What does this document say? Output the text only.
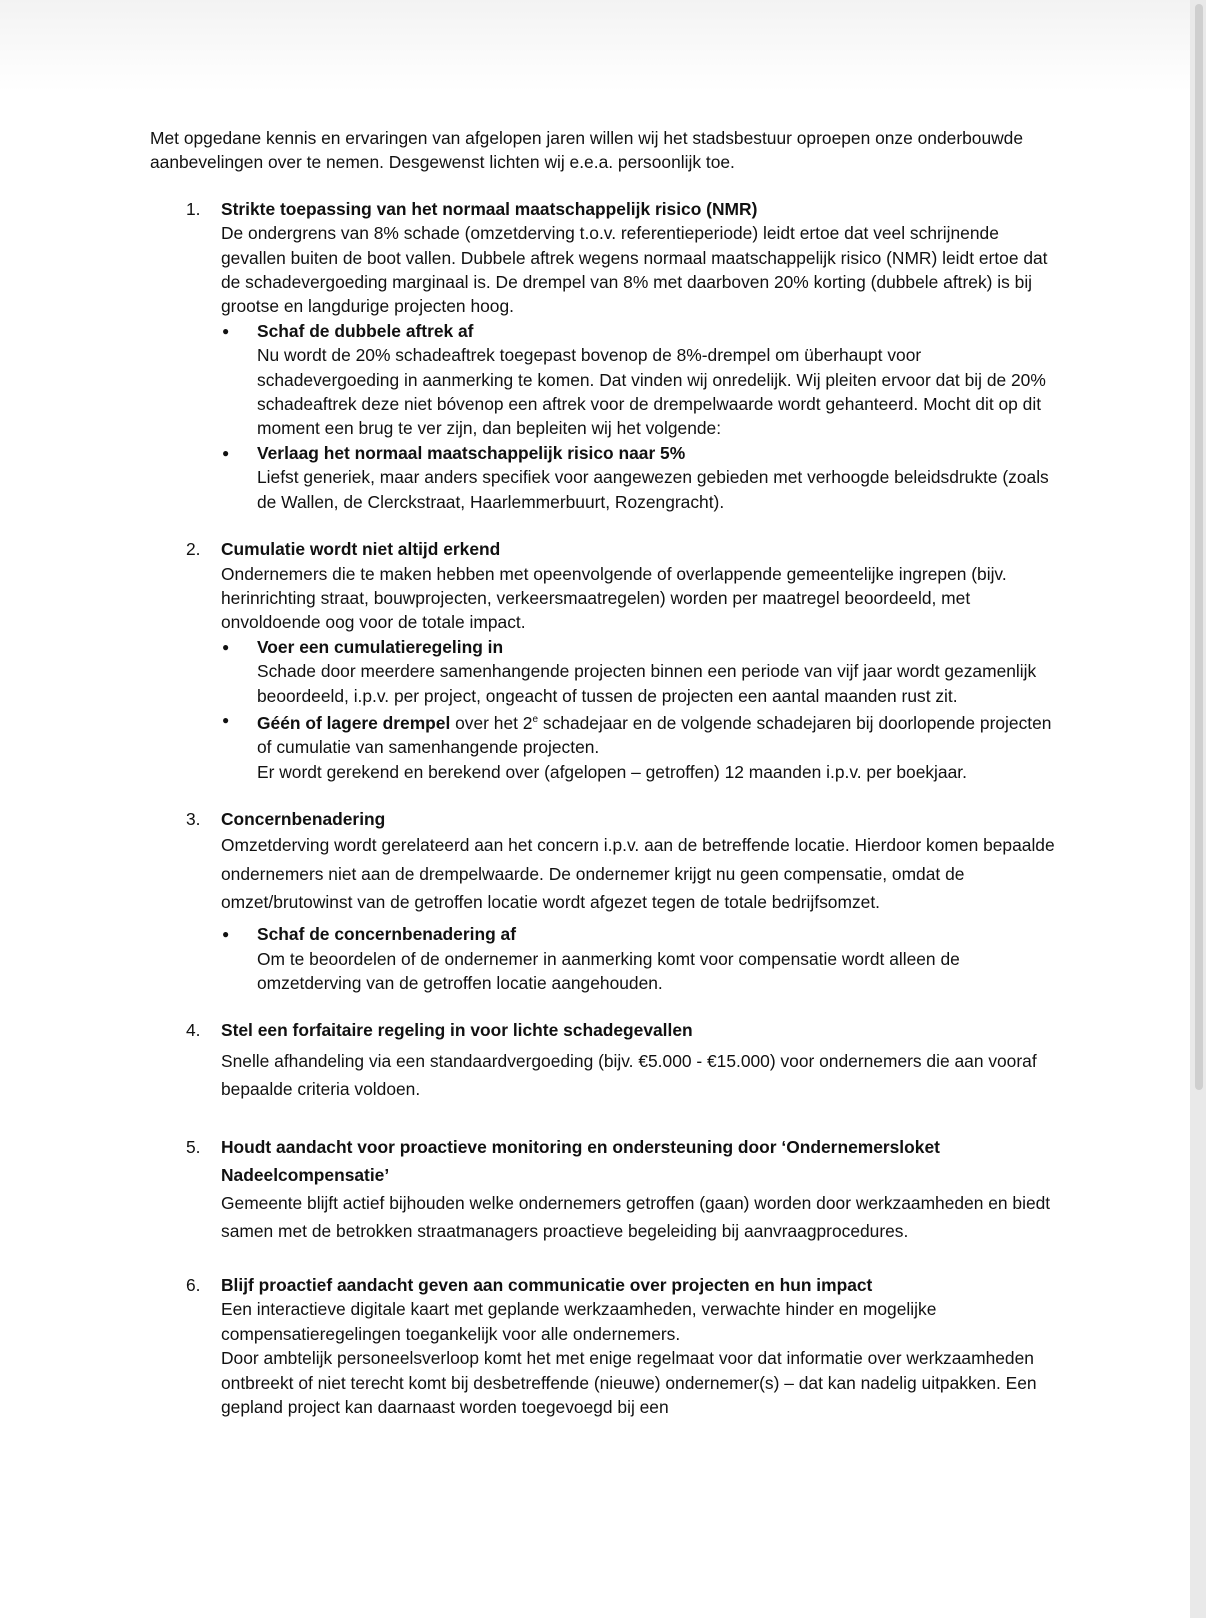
Met opgedane kennis en ervaringen van afgelopen jaren willen wij het stadsbestuur oproepen onze onderbouwde aanbevelingen over te nemen. Desgewenst lichten wij e.e.a. persoonlijk toe.

1. Strikte toepassing van het normaal maatschappelijk risico (NMR)
De ondergrens van 8% schade (omzetderving t.o.v. referentieperiode) leidt ertoe dat veel schrijnende gevallen buiten de boot vallen. Dubbele aftrek wegens normaal maatschappelijk risico (NMR) leidt ertoe dat de schadevergoeding marginaal is. De drempel van 8% met daarboven 20% korting (dubbele aftrek) is bij grootse en langdurige projecten hoog.
● Schaf de dubbele aftrek af
Nu wordt de 20% schadeaftrek toegepast bovenop de 8%-drempel om überhaupt voor schadevergoeding in aanmerking te komen. Dat vinden wij onredelijk. Wij pleiten ervoor dat bij de 20% schadeaftrek deze niet bóvenop een aftrek voor de drempelwaarde wordt gehanteerd. Mocht dit op dit moment een brug te ver zijn, dan bepleiten wij het volgende:
● Verlaag het normaal maatschappelijk risico naar 5%
Liefst generiek, maar anders specifiek voor aangewezen gebieden met verhoogde beleidsdrukte (zoals de Wallen, de Clerckstraat, Haarlemmerbuurt, Rozengracht).
2. Cumulatie wordt niet altijd erkend
Ondernemers die te maken hebben met opeenvolgende of overlappende gemeentelijke ingrepen (bijv. herinrichting straat, bouwprojecten, verkeersmaatregelen) worden per maatregel beoordeeld, met onvoldoende oog voor de totale impact.
● Voer een cumulatieregeling in
Schade door meerdere samenhangende projecten binnen een periode van vijf jaar wordt gezamenlijk beoordeeld, i.p.v. per project, ongeacht of tussen de projecten een aantal maanden rust zit.
● Géén of lagere drempel over het 2e schadejaar en de volgende schadejaren bij doorlopende projecten of cumulatie van samenhangende projecten.
Er wordt gerekend en berekend over (afgelopen – getroffen) 12 maanden i.p.v. per boekjaar.
3. Concernbenadering
Omzetderving wordt gerelateerd aan het concern i.p.v. aan de betreffende locatie. Hierdoor komen bepaalde ondernemers niet aan de drempelwaarde. De ondernemer krijgt nu geen compensatie, omdat de omzet/brutowinst van de getroffen locatie wordt afgezet tegen de totale bedrijfsomzet.
● Schaf de concernbenadering af
Om te beoordelen of de ondernemer in aanmerking komt voor compensatie wordt alleen de omzetderving van de getroffen locatie aangehouden.
4. Stel een forfaitaire regeling in voor lichte schadegevallen
Snelle afhandeling via een standaardvergoeding (bijv. €5.000 - €15.000) voor ondernemers die aan vooraf bepaalde criteria voldoen.
5. Houdt aandacht voor proactieve monitoring en ondersteuning door ‘Ondernemersloket Nadeelcompensatie’
Gemeente blijft actief bijhouden welke ondernemers getroffen (gaan) worden door werkzaamheden en biedt samen met de betrokken straatmanagers proactieve begeleiding bij aanvraagprocedures.
6. Blijf proactief aandacht geven aan communicatie over projecten en hun impact
Een interactieve digitale kaart met geplande werkzaamheden, verwachte hinder en mogelijke compensatieregelingen toegankelijk voor alle ondernemers.
Door ambtelijk personeelsverloop komt het met enige regelmaat voor dat informatie over werkzaamheden ontbreekt of niet terecht komt bij desbetreffende (nieuwe) ondernemer(s) – dat kan nadelig uitpakken. Een gepland project kan daarnaast worden toegevoegd bij een
